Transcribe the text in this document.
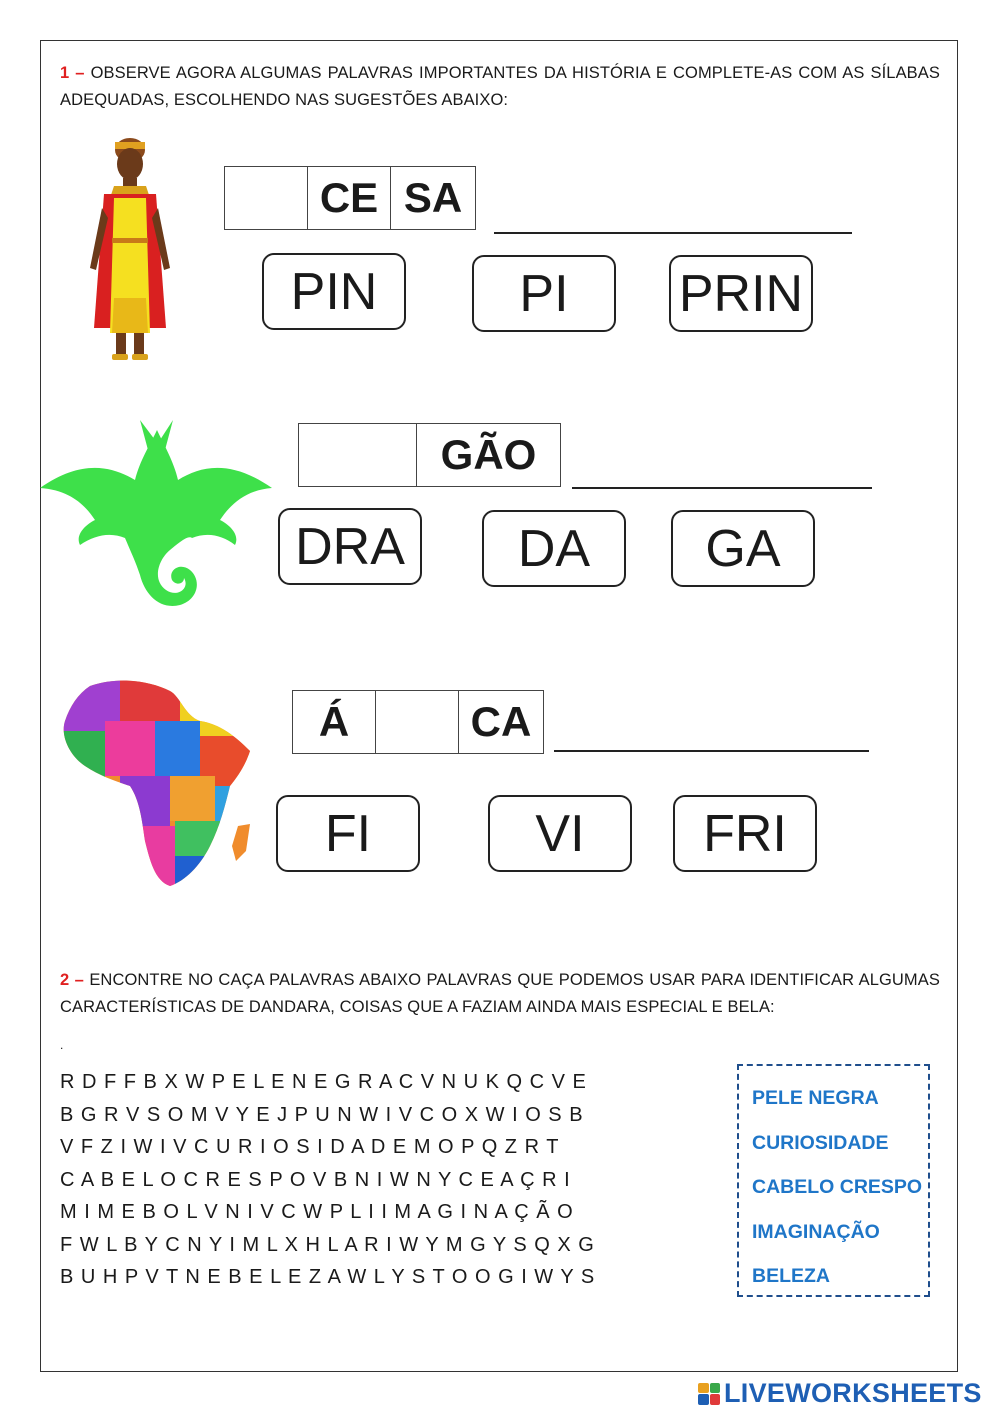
1 – OBSERVE AGORA ALGUMAS PALAVRAS IMPORTANTES DA HISTÓRIA E COMPLETE-AS COM AS SÍLABAS ADEQUADAS, ESCOLHENDO NAS SUGESTÕES ABAIXO:
CE SA
PIN	PI	PRIN
GÃO
DRA	DA	GA
Á	CA
FI	VI	FRI
2 – ENCONTRE NO CAÇA PALAVRAS ABAIXO PALAVRAS QUE PODEMOS USAR PARA IDENTIFICAR ALGUMAS CARACTERÍSTICAS DE DANDARA, COISAS QUE A FAZIAM AINDA MAIS ESPECIAL E BELA:
.
R D F F B X W P E L E N E G R A C V N U K Q C V E
B G R V S O M V Y E J P U N W I V C O X W I O S B
V F Z I W I V C U R I O S I D A D E M O P Q Z R T
C A B E L O C R E S P O V B N I W N Y C E A Ç R I
M I M E B O L V N I V C W P L I I M A G I N A Ç Ã O
F W L B Y C N Y I M L X H L A R I W Y M G Y S Q X G
B U H P V T N E B E L E Z A W L Y S T O O G I W Y S
PELE NEGRA
CURIOSIDADE
CABELO CRESPO
IMAGINAÇÃO
BELEZA
LIVEWORKSHEETS
